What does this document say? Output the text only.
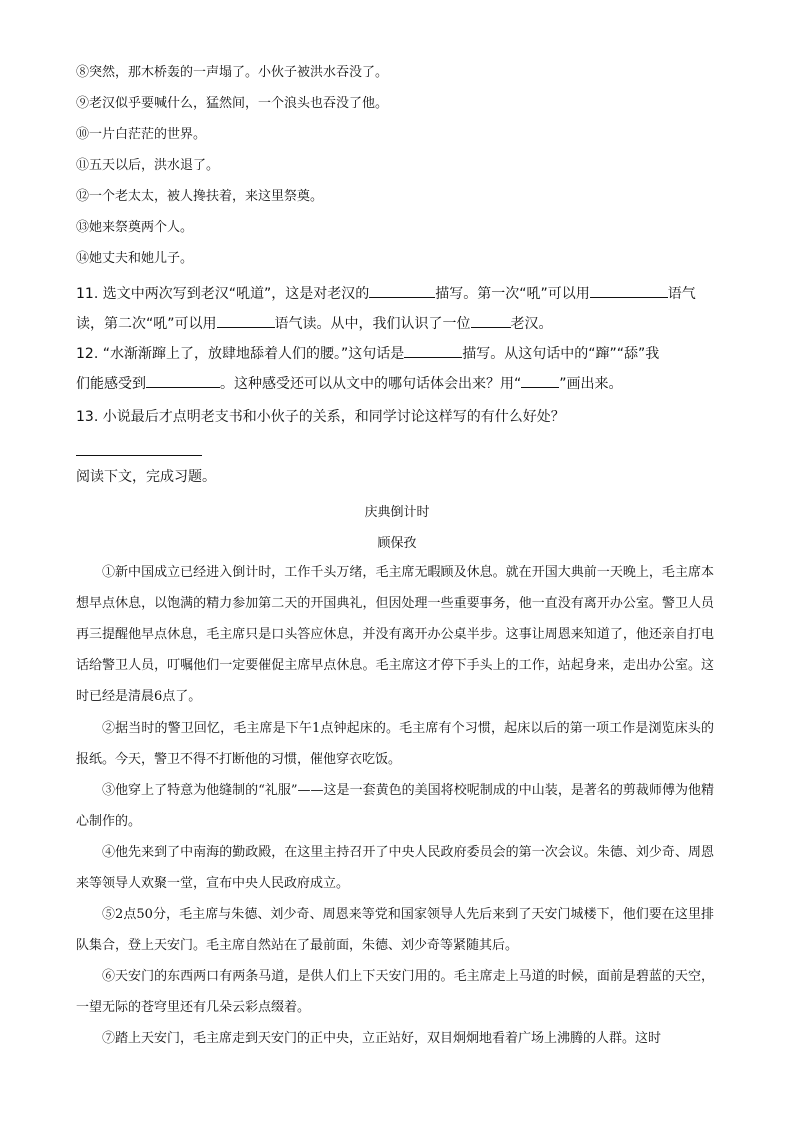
⑧突然，那木桥轰的一声塌了。小伙子被洪水吞没了。
⑨老汉似乎要喊什么，猛然间，一个浪头也吞没了他。
⑩一片白茫茫的世界。
⑪五天以后，洪水退了。
⑫一个老太太，被人搀扶着，来这里祭奠。
⑬她来祭奠两个人。
⑭她丈夫和她儿子。
11. 选文中两次写到老汉“吼道”，这是对老汉的	描写。第一次“吼”可以用	语气
读，第二次“吼”可以用	语气读。从中，我们认识了一位	老汉。
12. “水渐渐蹿上了，放肆地舔着人们的腰。”这句话是	描写。从这句话中的“蹿”“舔”我
们能感受到	。这种感受还可以从文中的哪句话体会出来？用“	”画出来。
13. 小说最后才点明老支书和小伙子的关系，和同学讨论这样写的有什么好处？
阅读下文，完成习题。
庆典倒计时
顾保孜
①新中国成立已经进入倒计时，工作千头万绪，毛主席无暇顾及休息。就在开国大典前一天晚上，毛主席本想早点休息，以饱满的精力参加第二天的开国典礼，但因处理一些重要事务，他一直没有离开办公室。警卫人员再三提醒他早点休息，毛主席只是口头答应休息，并没有离开办公桌半步。这事让周恩来知道了，他还亲自打电话给警卫人员，叮嘱他们一定要催促主席早点休息。毛主席这才停下手头上的工作，站起身来，走出办公室。这时已经是清晨6点了。
②据当时的警卫回忆，毛主席是下午1点钟起床的。毛主席有个习惯，起床以后的第一项工作是浏览床头的报纸。今天，警卫不得不打断他的习惯，催他穿衣吃饭。
③他穿上了特意为他缝制的“礼服”——这是一套黄色的美国将校呢制成的中山装，是著名的剪裁师傅为他精心制作的。
④他先来到了中南海的勤政殿，在这里主持召开了中央人民政府委员会的第一次会议。朱德、刘少奇、周恩来等领导人欢聚一堂，宣布中央人民政府成立。
⑤2点50分，毛主席与朱德、刘少奇、周恩来等党和国家领导人先后来到了天安门城楼下，他们要在这里排队集合，登上天安门。毛主席自然站在了最前面，朱德、刘少奇等紧随其后。
⑥天安门的东西两口有两条马道，是供人们上下天安门用的。毛主席走上马道的时候，面前是碧蓝的天空，一望无际的苍穹里还有几朵云彩点缀着。
⑦踏上天安门，毛主席走到天安门的正中央，立正站好，双目炯炯地看着广场上沸腾的人群。这时
